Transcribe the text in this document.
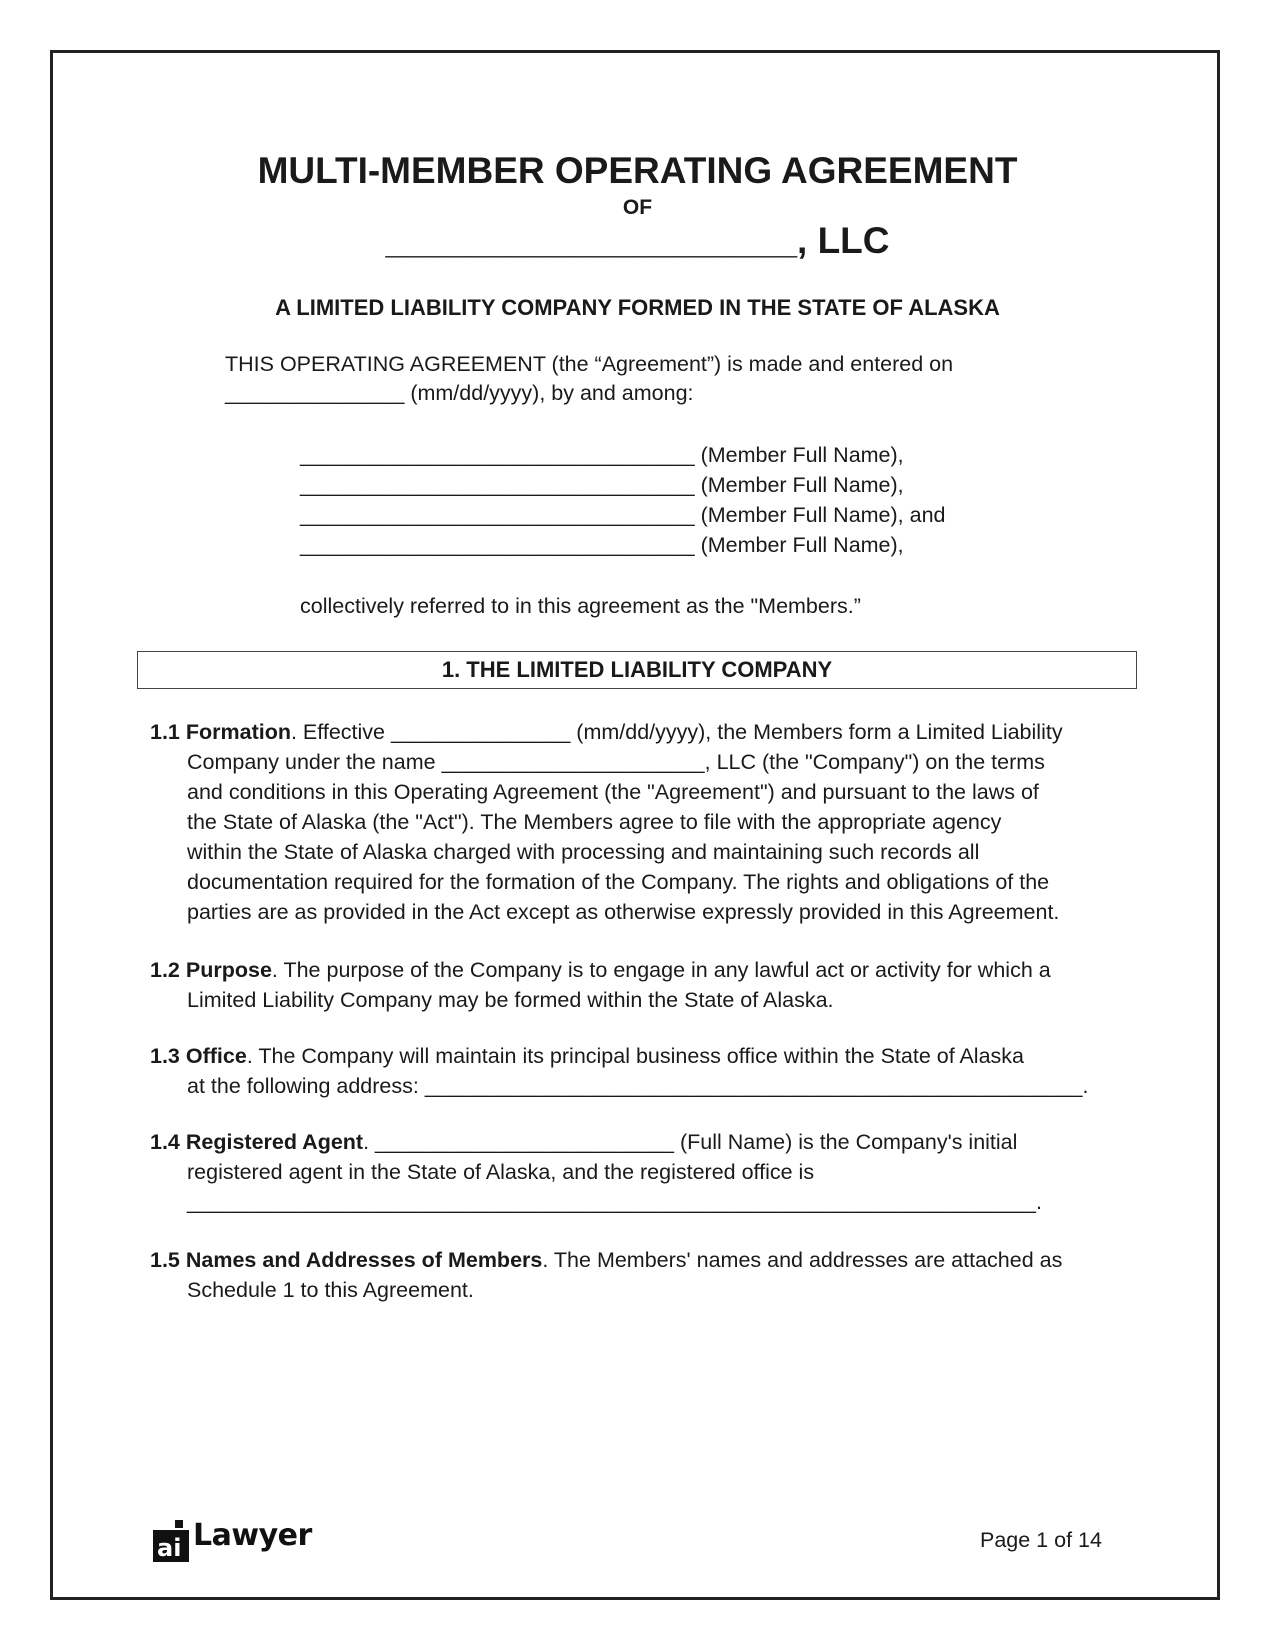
MULTI-MEMBER OPERATING AGREEMENT
OF
____________________, LLC
A LIMITED LIABILITY COMPANY FORMED IN THE STATE OF ALASKA
THIS OPERATING AGREEMENT (the “Agreement”) is made and entered on
_______________ (mm/dd/yyyy), by and among:
_________________________________ (Member Full Name),
_________________________________ (Member Full Name),
_________________________________ (Member Full Name), and
_________________________________ (Member Full Name),
collectively referred to in this agreement as the "Members.”
1. THE LIMITED LIABILITY COMPANY
1.1 Formation. Effective _______________ (mm/dd/yyyy), the Members form a Limited Liability
Company under the name ______________________, LLC (the "Company") on the terms
and conditions in this Operating Agreement (the "Agreement") and pursuant to the laws of
the State of Alaska (the "Act"). The Members agree to file with the appropriate agency
within the State of Alaska charged with processing and maintaining such records all
documentation required for the formation of the Company. The rights and obligations of the
parties are as provided in the Act except as otherwise expressly provided in this Agreement.
1.2 Purpose. The purpose of the Company is to engage in any lawful act or activity for which a
Limited Liability Company may be formed within the State of Alaska.
1.3 Office. The Company will maintain its principal business office within the State of Alaska
at the following address: _______________________________________________________.
1.4 Registered Agent. _________________________ (Full Name) is the Company's initial
registered agent in the State of Alaska, and the registered office is
_______________________________________________________________________.
1.5 Names and Addresses of Members. The Members' names and addresses are attached as
Schedule 1 to this Agreement.
ai Lawyer	Page 1 of 14
